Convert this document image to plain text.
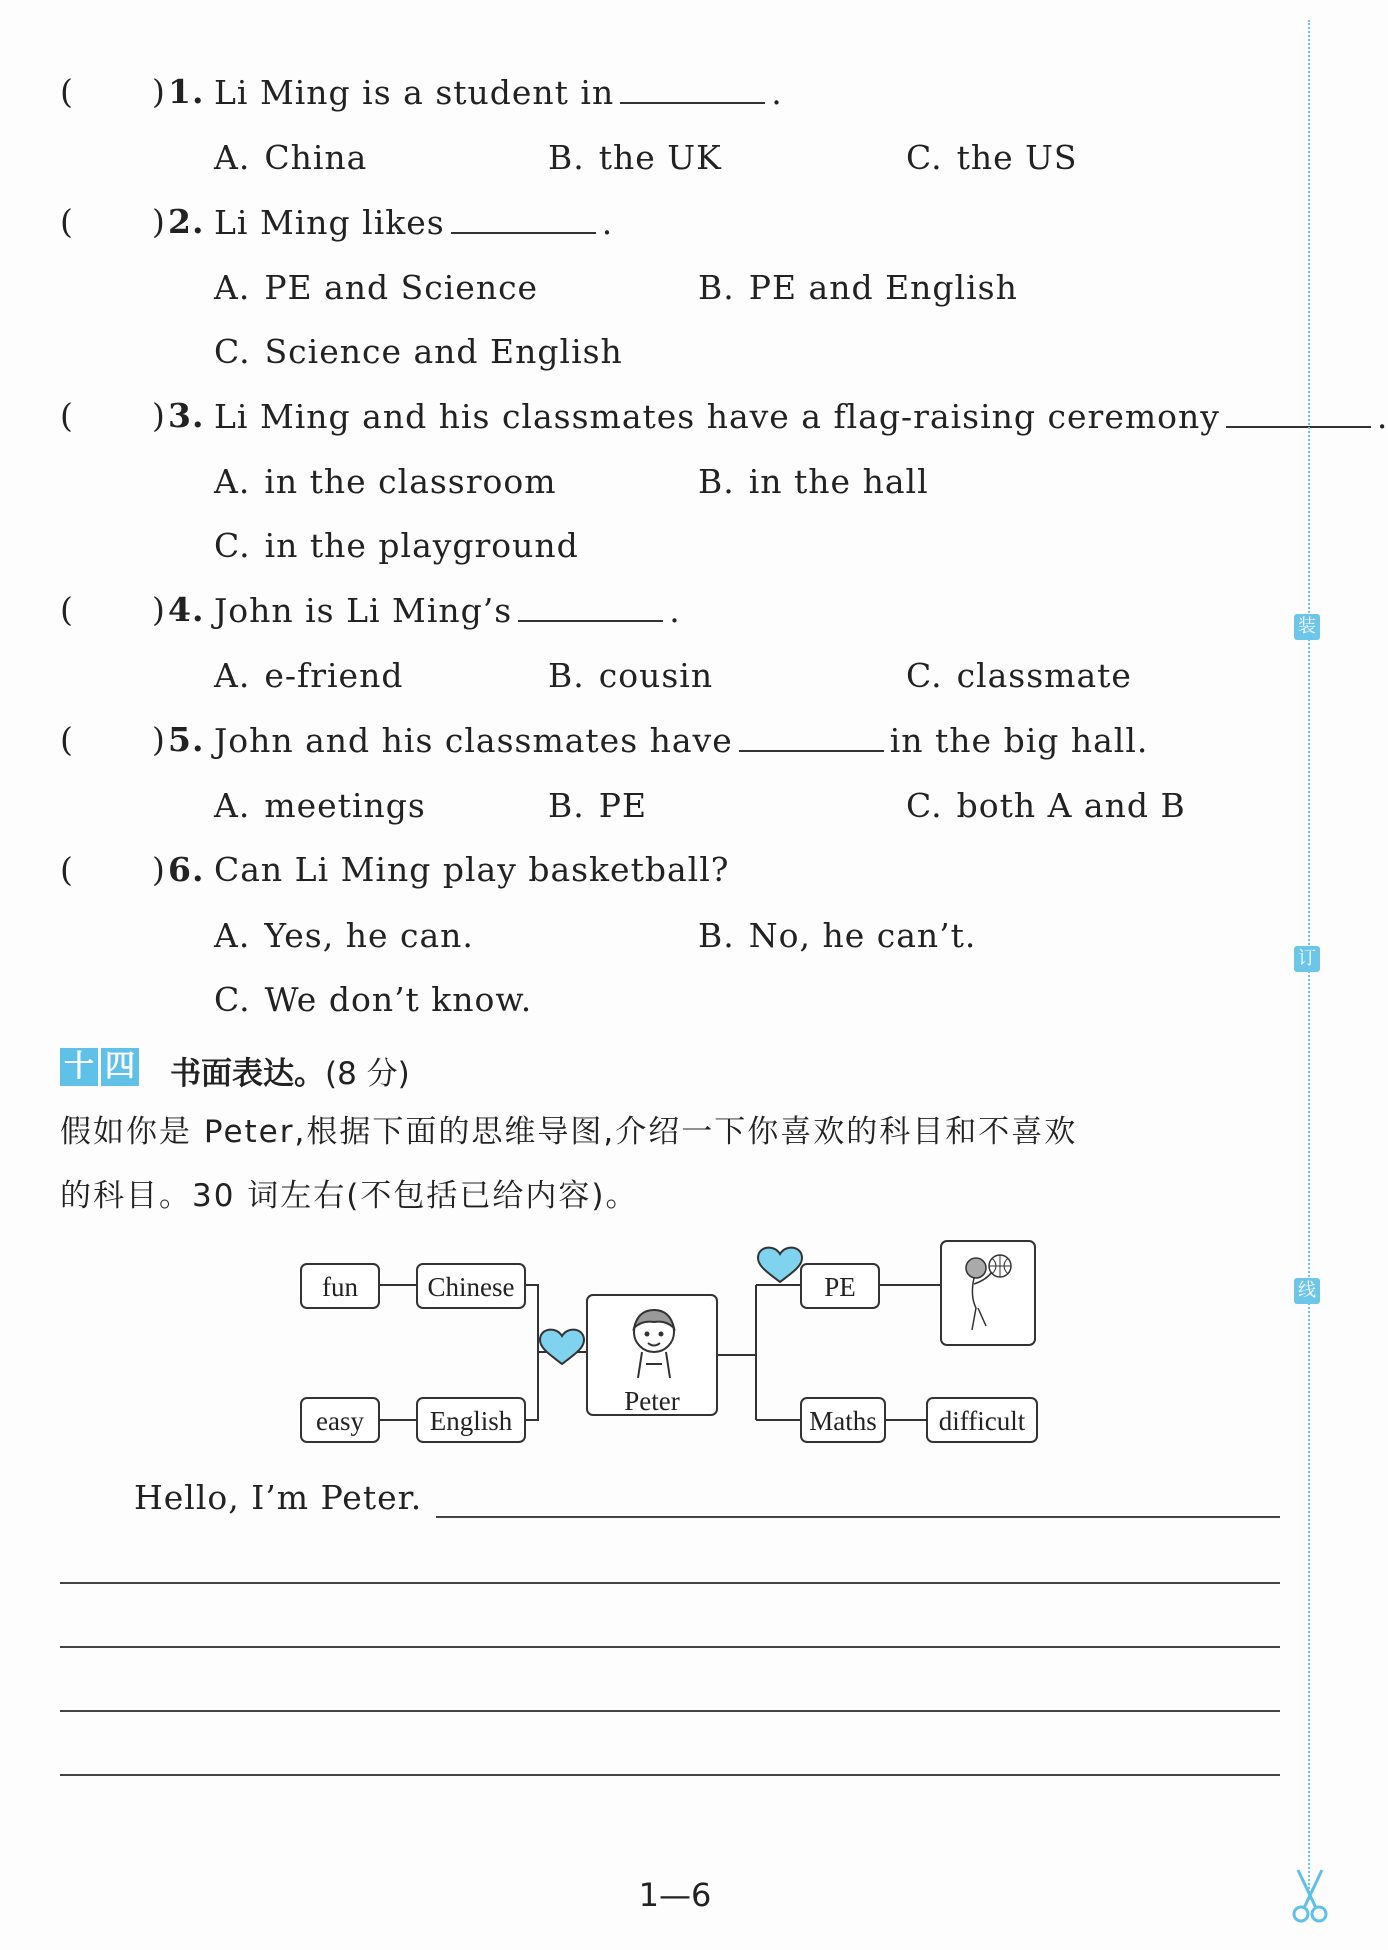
( ) 1. Li Ming is a student in	.
A. China	B. the UK	C. the US
( ) 2. Li Ming likes	.
A. PE and Science	B. PE and English
C. Science and English
( ) 3. Li Ming and his classmates have a flag-raising ceremony	.
A. in the classroom	B. in the hall
C. in the playground
( ) 4. John is Li Ming’s	.
A. e-friend	B. cousin	C. classmate
( ) 5. John and his classmates have	in the big hall.
A. meetings	B. PE	C. both A and B
( ) 6. Can Li Ming play basketball?
A. Yes, he can.	B. No, he can’t.
C. We don’t know.
十 四 书面表达。(8 分)
假如你是 Peter,根据下面的思维导图,介绍一下你喜欢的科目和不喜欢
的科目。30 词左右(不包括已给内容)。
fun	Chinese
easy	English
Peter
PE
Maths	difficult
Hello, I’m Peter.
1—6
装
订
线
